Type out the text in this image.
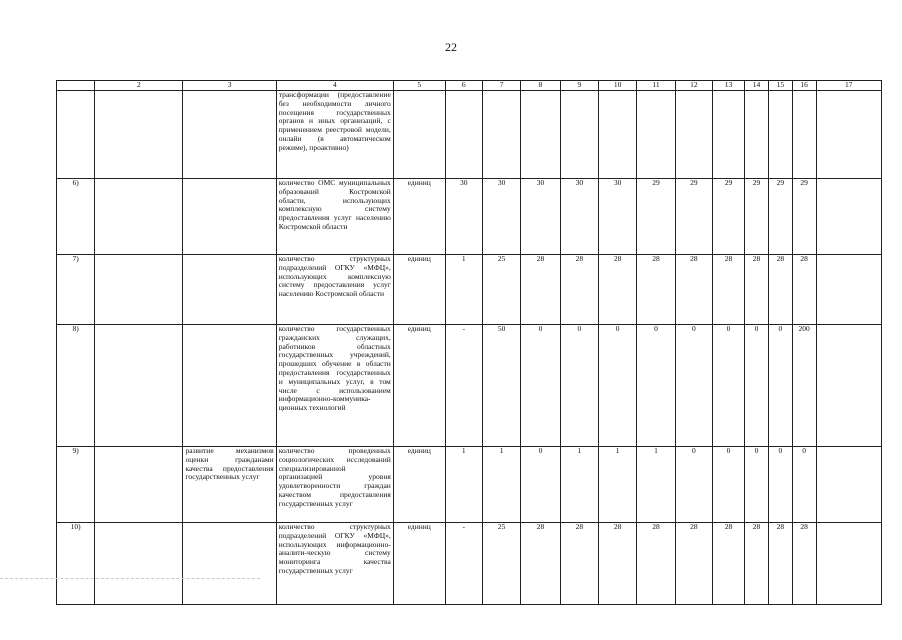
22
	2	3	4	5	6	7	8	9	10	11	12	13	14	15	16	17
			трансформации (предоставление без необходимости личного посещения государственных органов и иных организаций, с применением реестровой модели, онлайн (в автоматическом режиме), проактивно)													
6)			количество ОМС муниципальных образований Костромской области, использующих комплексную систему предоставления услуг населению Костромской области	единиц	30	30	30	30	30	29	29	29	29	29	29	
7)			количество структурных подразделений ОГКУ «МФЦ», использующих комплексную систему предоставления услуг населению Костромской области	единиц	1	25	28	28	28	28	28	28	28	28	28	
8)			количество государственных гражданских служащих, работников областных государственных учреждений, прошедших обучение в области предоставления государственных и муниципальных услуг, в том числе с использованием информационно-коммуника-ционных технологий	единиц	-	50	0	0	0	0	0	0	0	0	200	
9)		развитие механизмов оценки гражданами качества предоставления государственных услуг	количество проведенных социологических исследований специализированной организацией уровня удовлетворенности граждан качеством предоставления государственных услуг	единиц	1	1	0	1	1	1	0	0	0	0	0	
10)			количество структурных подразделений ОГКУ «МФЦ», использующих информационно-аналити-ческую систему мониторинга качества государственных услуг	единиц	-	25	28	28	28	28	28	28	28	28	28	
